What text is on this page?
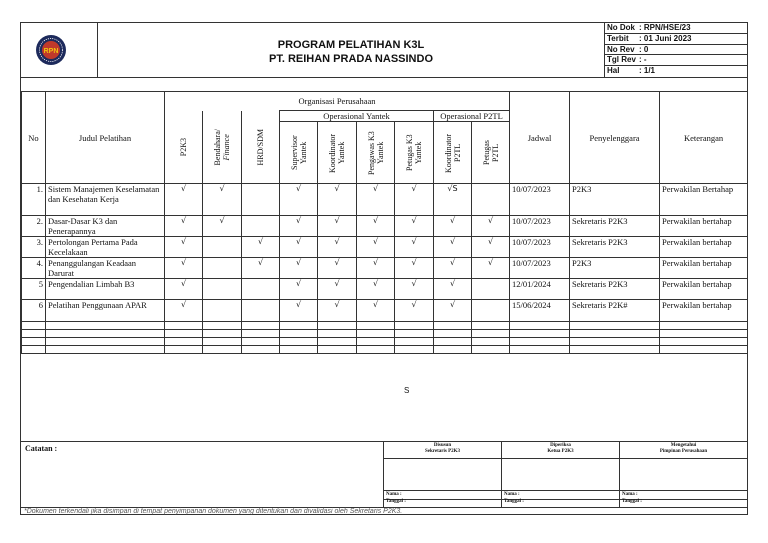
RPN
PROGRAM PELATIHAN K3L
PT. REIHAN PRADA NASSINDO
No Dok : RPN/HSE/23
Terbit : 01 Juni 2023
No Rev : 0
Tgl Rev : -
Hal : 1/1
No	Judul Pelatihan	Organisasi Perusahaan									Jadwal	Penyelenggara	Keterangan

		P2K3	Bendahara/
Finance	HRD/SDM	Operasional Yantek				Operasional P2TL				

					Supervisor Yantek	Koordinator Yantek	Pengawas K3 Yantek	Petugas K3 Yantek	Koordinator P2TL	Petugas P2TL			

1.	Sistem Manajemen Keselamatan dan Kesehatan Kerja	√	√		√	√	√	√	√S		10/07/2023	P2K3	Perwakilan Bertahap
2.	Dasar-Dasar K3 dan Penerapannya	√	√		√	√	√	√	√	√	10/07/2023	Sekretaris P2K3	Perwakilan bertahap
3.	Pertolongan Pertama Pada Kecelakaan	√		√	√	√	√	√	√	√	10/07/2023	Sekretaris P2K3	Perwakilan bertahap
4.	Penanggulangan Keadaan Darurat	√		√	√	√	√	√	√	√	10/07/2023	P2K3	Perwakilan bertahap
5	Pengendalian Limbah B3	√			√	√	√	√	√		12/01/2024	Sekretaris P2K3	Perwakilan bertahap
6	Pelatihan Penggunaan APAR	√			√	√	√	√	√		15/06/2024	Sekretaris P2K#	Perwakilan bertahap

S
Catatan :	Disusun
Sekretaris P2K3
Nama :
Tanggal :
Diperiksa
Ketua P2K3
Nama :
Tanggal :
Mengetahui
Pimpinan Perusahaan
Nama :
Tanggal :
*Dokumen terkendali jika disimpan di tempat penyimpanan dokumen yang ditentukan dan divalidasi oleh Sekretaris P2K3.
